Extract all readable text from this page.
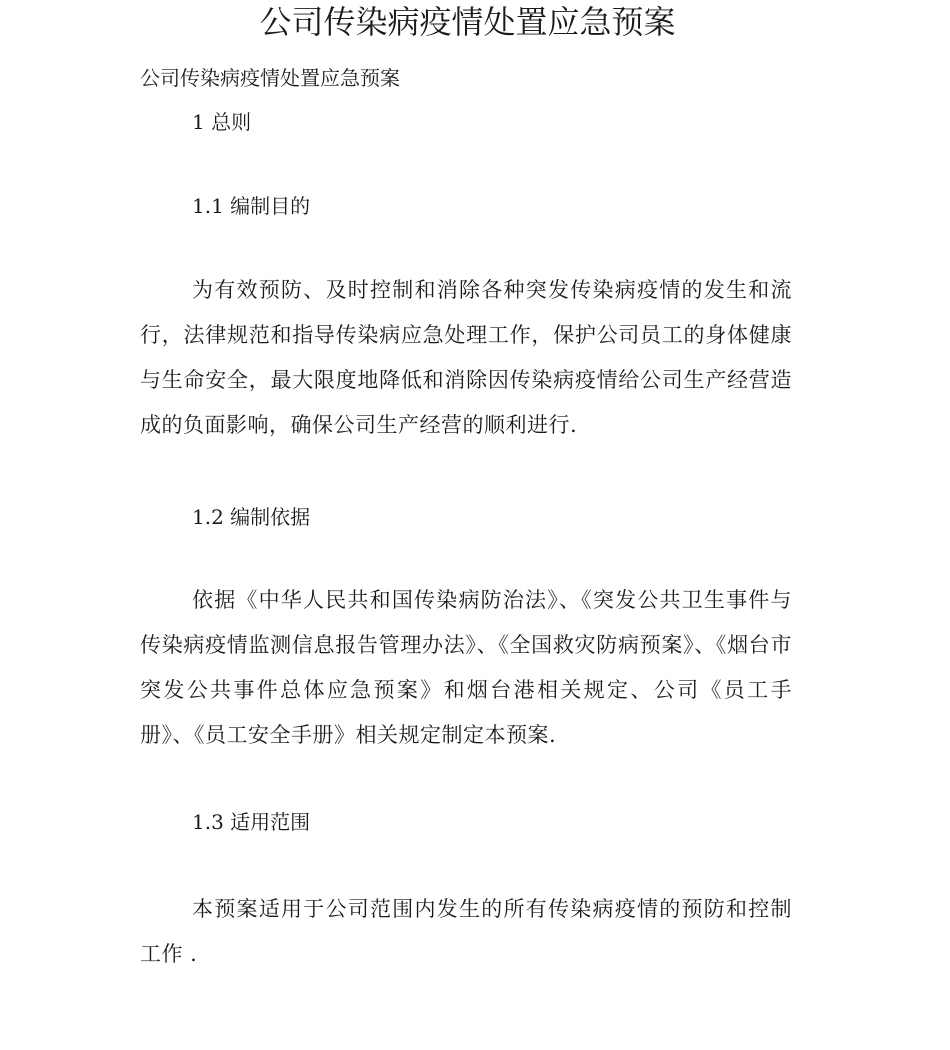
公司传染病疫情处置应急预案

公司传染病疫情处置应急预案

1 总则
1.1 编制目的

为有效预防、及时控制和消除各种突发传染病疫情的发生和流行，法律规范和指导传染病应急处理工作，保护公司员工的身体健康与生命安全，最大限度地降低和消除因传染病疫情给公司生产经营造成的负面影响，确保公司生产经营的顺利进行.

1.2 编制依据

依据《中华人民共和国传染病防治法》、《突发公共卫生事件与传染病疫情监测信息报告管理办法》、《全国救灾防病预案》、《烟台市突发公共事件总体应急预案》和烟台港相关规定、公司《员工手册》、《员工安全手册》相关规定制定本预案.

1.3 适用范围

本预案适用于公司范围内发生的所有传染病疫情的预防和控制工作 .
